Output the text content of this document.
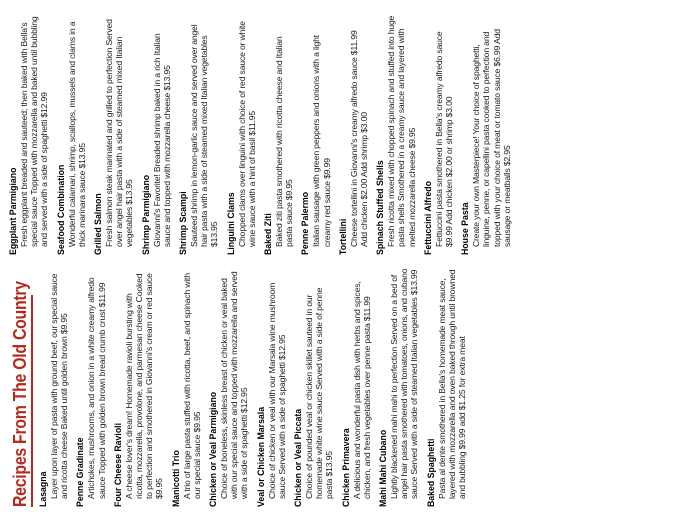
Recipes From The Old Country Lasagna Layer upon layer of pasta with ground beef, our special sauce and ricotta cheese Baked until golden brown $9.95 Penne Gradinate Artichokes, mushrooms, and onion in a white creamy alfredo sauce Topped with golden brown bread crumb crust $11.99 Four Cheese Ravioli A cheese lover's dream! Homemade ravioli bursting with ricotta, mozzarella, provolone, and parmesan cheese Cooked to perfection and smothered in Giovanni's cream or red sauce $9.95 Manicotti Trio A trio of large pasta stuffed with ricotta, beef, and spinach with our special sauce $9.95 Chicken or Veal Parmigiano Choice of boneless, skinless breast of chicken or veal baked with our special sauce and topped with mozzarella and served with a side of spaghetti $12.95 Veal or Chicken Marsala Choice of chicken or veal with our Marsala wine mushroom sauce Served with a side of spaghetti $12.95 Chicken or Veal Piccata Choice of pounded veal or chicken skillet sauteed in our homemade white wine sauce Served with a side of penne pasta $13.95 Chicken Primavera A delicious and wonderful pasta dish with herbs and spices, chicken, and fresh vegetables over penne pasta $11.99 Mahi Mahi Cubano Lightly blackened mahi mahi to perfection Served on a bed of angel hair pasta smothered with tomatoes, onions, and cubano sauce Served with a side of steamed Italian vegetables $13.99 Baked Spaghetti Pasta al dente smothered in Bella's homemade meat sauce, layered with mozzarella and oven baked through until browned and bubbling $9.99 add $1.25 for extra meat
Eggplant Parmigiano Fresh eggplant breaded and sauteed; then baked with Bella's special sauce Topped with mozzarella and baked until bubbling and served with a side of spaghetti $12.99 Seafood Combination Wonderful calamari, shrimp, scallops, mussels and clams in a thick marinara sauce $13.95 Grilled Salmon Fresh salmon steak marinated and grilled to perfection Served over angel hair pasta with a side of steamed mixed Italian vegetables $13.95 Shrimp Parmigiano Giovanni's Favorite! Breaded shrimp baked in a rich Italian sauce and topped with mozzarella cheese $13.95 Shrimp Scampi Sauteed shrimp in lemon-garlic sauce and served over angel hair pasta with a side of steamed mixed Italian vegetables $13.95 Linguini Clams Chopped clams over linguini with choice of red sauce or white wine sauce with a hint of basil $11.95 Baked Ziti Baked ziti pasta smothered with ricotta cheese and Italian pasta sauce $9.95 Penne Palermo Italian sausage with green peppers and onions with a light creamy red sauce $9.99 Tortellini Cheese tortellini in Giovanni's creamy alfredo sauce $11.99 Add chicken $2.00 Add shrimp $3.00 Spinach Stuffed Shells Fresh ricotta mixed with chopped spinach and stuffed into huge pasta shells Smothered in a creamy sauce and layered with melted mozzarella cheese $9.95 Fettuccini Alfredo Fettuccini pasta smothered in Bella's creamy alfredo sauce $9.99 Add chicken $2.00 or shrimp $3.00 House Pasta Create your own Masterpiece! Your choice of spaghetti, linguine, penne, or capellini pasta cooked to perfection and topped with your choice of meat or tomato sauce $6.99 Add sausage or meatballs $2.95
